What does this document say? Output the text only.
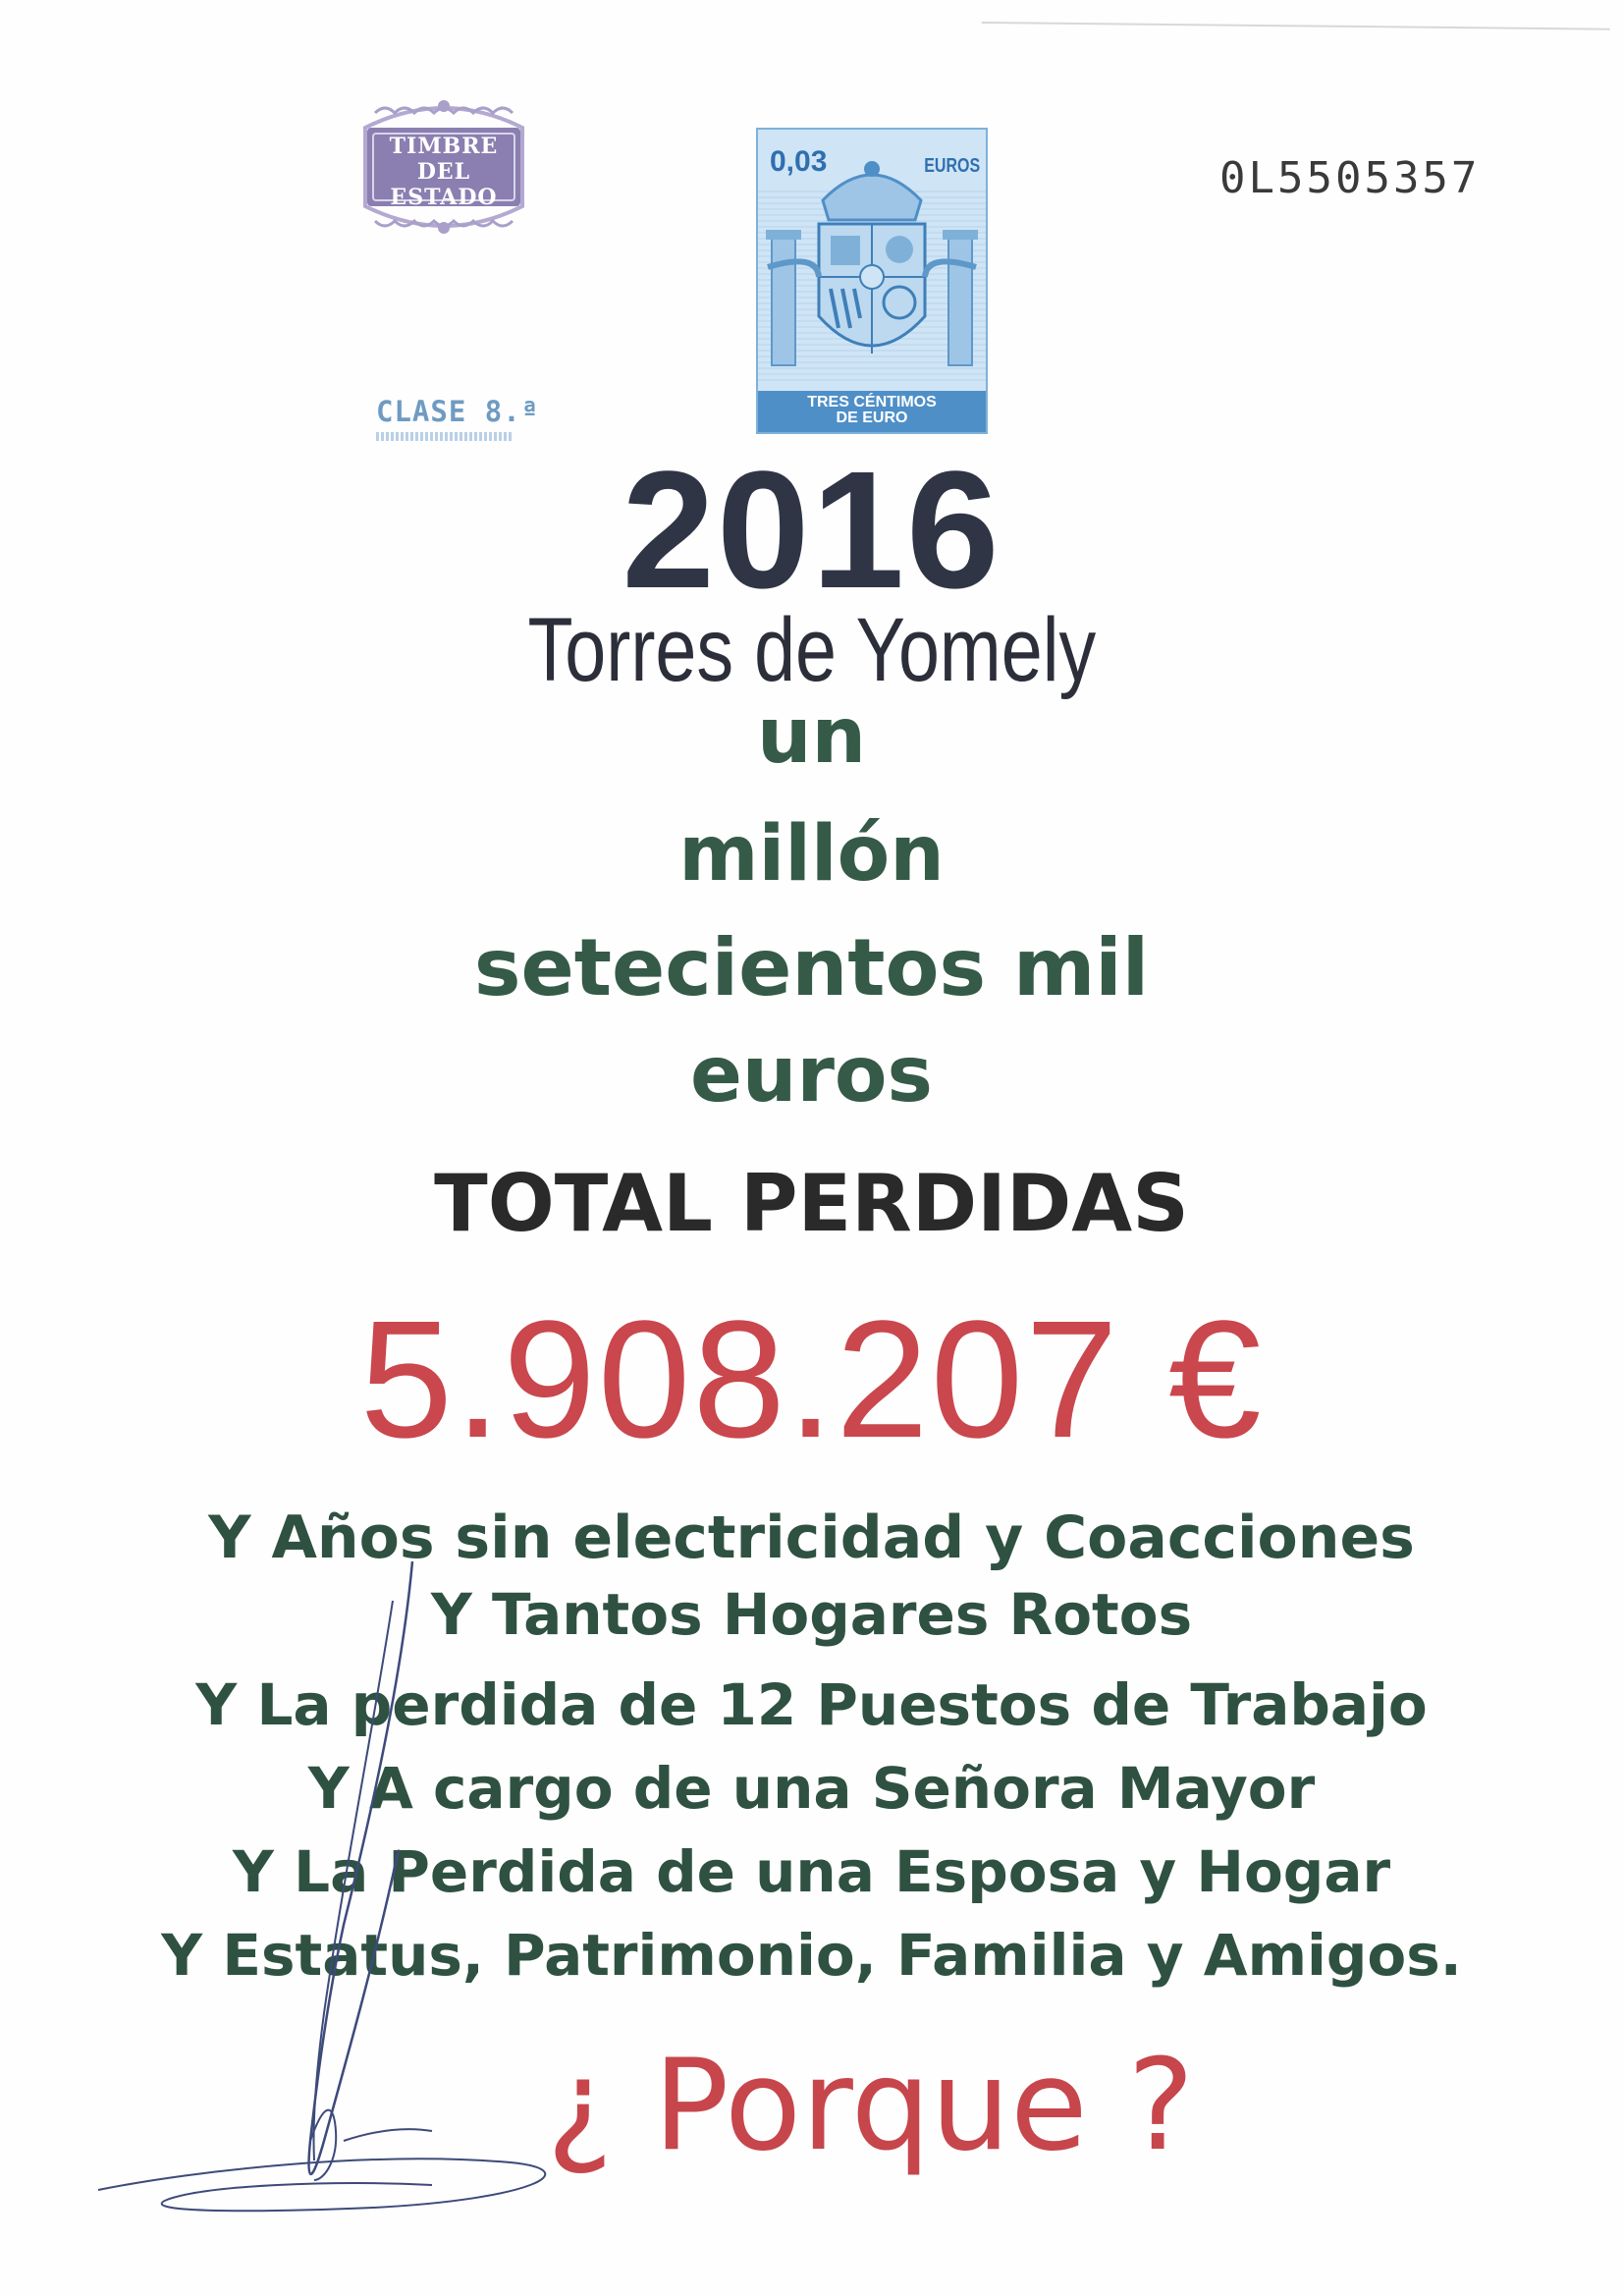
TIMBRE
DEL ESTADO
CLASE 8.ª
0,03	EUROS
TRES CÉNTIMOS
DE EURO
0L5505357
2016
Torres de Yomely
un
millón
setecientos mil
euros
TOTAL PERDIDAS
5.908.207 €
Y Años sin electricidad y Coacciones
Y Tantos Hogares Rotos
Y La perdida de 12 Puestos de Trabajo
Y A cargo de una Señora Mayor
Y La Perdida de una Esposa y Hogar
Y Estatus, Patrimonio, Familia y Amigos.
¿ Porque ?
